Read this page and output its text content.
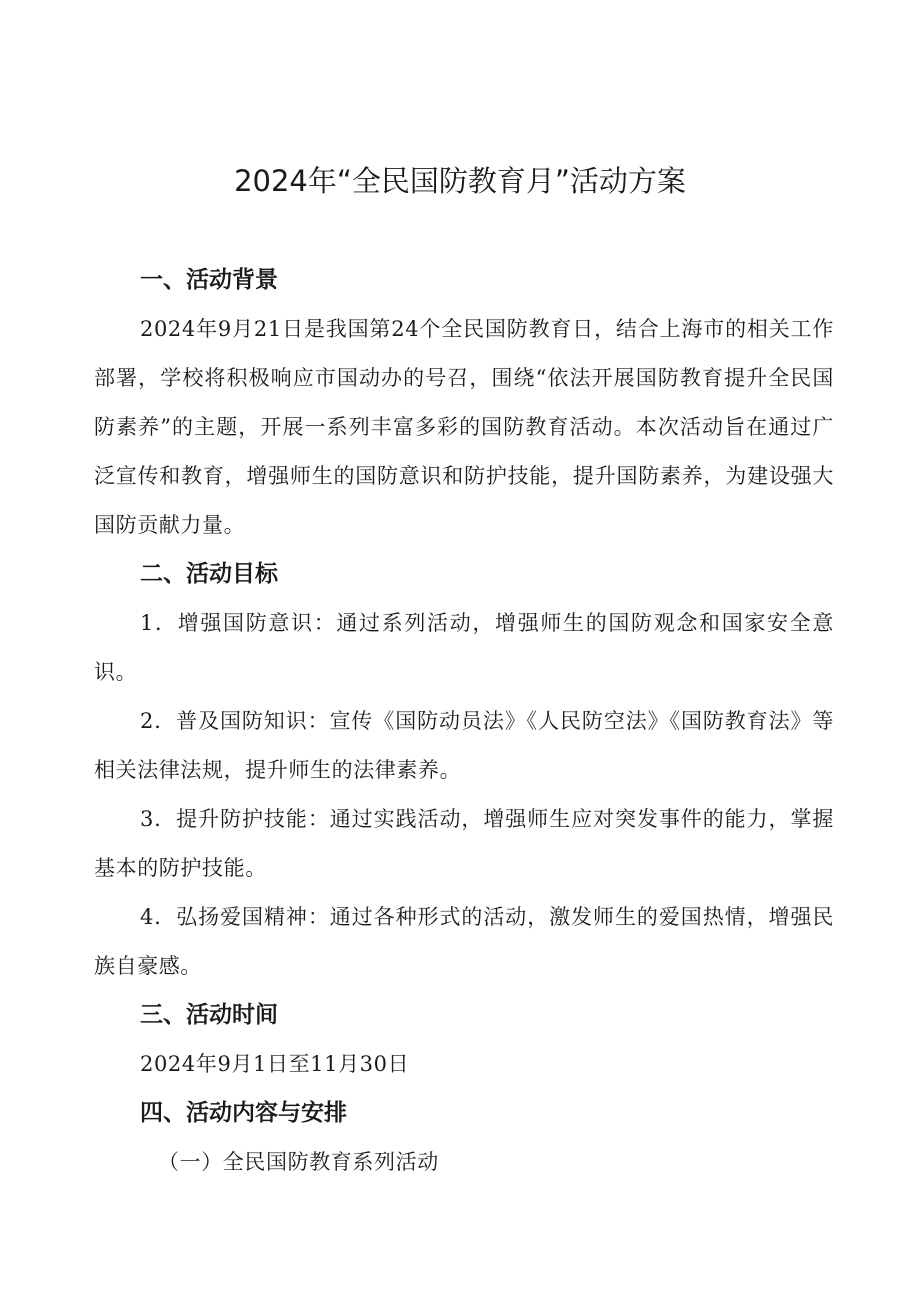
2024年“全民国防教育月”活动方案
一、活动背景

2024年9月21日是我国第24个全民国防教育日，结合上海市的相关工作部署，学校将积极响应市国动办的号召，围绕“依法开展国防教育提升全民国防素养”的主题，开展一系列丰富多彩的国防教育活动。本次活动旨在通过广泛宣传和教育，增强师生的国防意识和防护技能，提升国防素养，为建设强大国防贡献力量。

二、活动目标

1．增强国防意识：通过系列活动，增强师生的国防观念和国家安全意识。

2．普及国防知识：宣传《国防动员法》《人民防空法》《国防教育法》等相关法律法规，提升师生的法律素养。

3．提升防护技能：通过实践活动，增强师生应对突发事件的能力，掌握基本的防护技能。

4．弘扬爱国精神：通过各种形式的活动，激发师生的爱国热情，增强民族自豪感。

三、活动时间

2024年9月1日至11月30日

四、活动内容与安排

（一）全民国防教育系列活动
